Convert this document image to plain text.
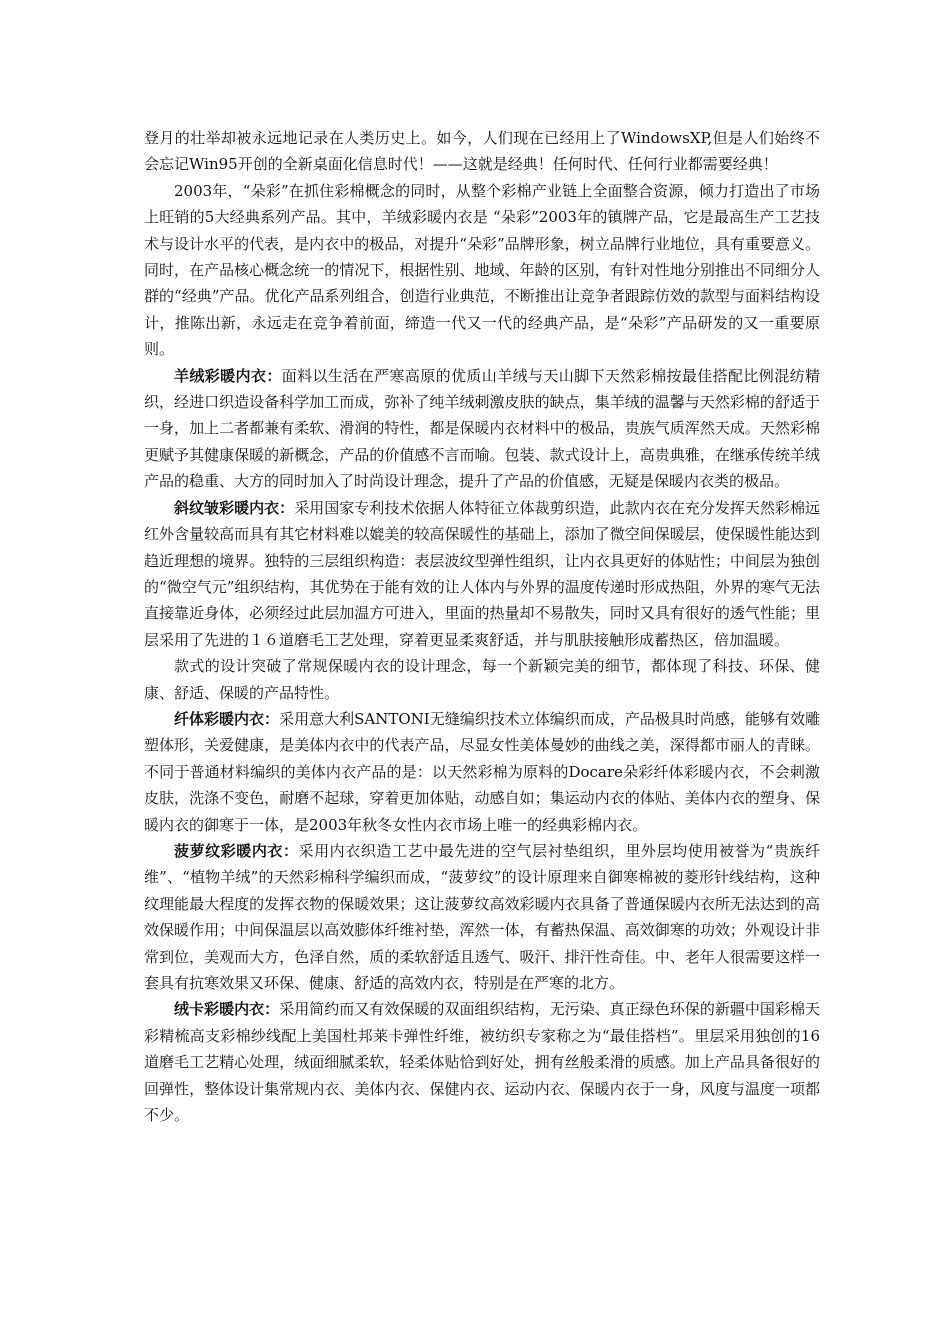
登月的壮举却被永远地记录在人类历史上。如今，人们现在已经用上了WindowsXP,但是人们始终不会忘记Win95开创的全新桌面化信息时代！——这就是经典！任何时代、任何行业都需要经典！

2003年，“朵彩”在抓住彩棉概念的同时，从整个彩棉产业链上全面整合资源，倾力打造出了市场上旺销的5大经典系列产品。其中，羊绒彩暖内衣是 “朵彩”2003年的镇牌产品，它是最高生产工艺技术与设计水平的代表，是内衣中的极品，对提升“朵彩”品牌形象，树立品牌行业地位，具有重要意义。同时，在产品核心概念统一的情况下，根据性别、地域、年龄的区别，有针对性地分别推出不同细分人群的“经典”产品。优化产品系列组合，创造行业典范，不断推出让竞争者跟踪仿效的款型与面料结构设计，推陈出新，永远走在竞争着前面，缔造一代又一代的经典产品，是“朵彩”产品研发的又一重要原则。

羊绒彩暖内衣：面料以生活在严寒高原的优质山羊绒与天山脚下天然彩棉按最佳搭配比例混纺精织，经进口织造设备科学加工而成，弥补了纯羊绒刺激皮肤的缺点，集羊绒的温馨与天然彩棉的舒适于一身，加上二者都兼有柔软、滑润的特性，都是保暖内衣材料中的极品，贵族气质浑然天成。天然彩棉更赋予其健康保暖的新概念，产品的价值感不言而喻。包装、款式设计上，高贵典雅，在继承传统羊绒产品的稳重、大方的同时加入了时尚设计理念，提升了产品的价值感，无疑是保暖内衣类的极品。

斜纹皱彩暖内衣：采用国家专利技术依据人体特征立体裁剪织造，此款内衣在充分发挥天然彩棉远红外含量较高而具有其它材料难以媲美的较高保暖性的基础上，添加了微空间保暖层，使保暖性能达到趋近理想的境界。独特的三层组织构造：表层波纹型弹性组织，让内衣具更好的体贴性；中间层为独创的“微空气元”组织结构，其优势在于能有效的让人体内与外界的温度传递时形成热阻，外界的寒气无法直接靠近身体，必须经过此层加温方可进入，里面的热量却不易散失，同时又具有很好的透气性能；里层采用了先进的１６道磨毛工艺处理，穿着更显柔爽舒适，并与肌肤接触形成蓄热区，倍加温暖。

款式的设计突破了常规保暖内衣的设计理念，每一个新颖完美的细节，都体现了科技、环保、健康、舒适、保暖的产品特性。

纤体彩暖内衣：采用意大利SANTONI无缝编织技术立体编织而成，产品极具时尚感，能够有效雕塑体形，关爱健康，是美体内衣中的代表产品，尽显女性美体曼妙的曲线之美，深得都市丽人的青睐。不同于普通材料编织的美体内衣产品的是：以天然彩棉为原料的Docare朵彩纤体彩暖内衣，不会刺激皮肤，洗涤不变色，耐磨不起球，穿着更加体贴，动感自如；集运动内衣的体贴、美体内衣的塑身、保暖内衣的御寒于一体，是2003年秋冬女性内衣市场上唯一的经典彩棉内衣。

菠萝纹彩暖内衣：采用内衣织造工艺中最先进的空气层衬垫组织，里外层均使用被誉为“贵族纤维”、“植物羊绒”的天然彩棉科学编织而成，“菠萝纹”的设计原理来自御寒棉被的菱形针线结构，这种纹理能最大程度的发挥衣物的保暖效果；这让菠萝纹高效彩暖内衣具备了普通保暖内衣所无法达到的高效保暖作用；中间保温层以高效膨体纤维衬垫，浑然一体，有蓄热保温、高效御寒的功效；外观设计非常到位，美观而大方，色泽自然，质的柔软舒适且透气、吸汗、排汗性奇佳。中、老年人很需要这样一套具有抗寒效果又环保、健康、舒适的高效内衣，特别是在严寒的北方。

绒卡彩暖内衣：采用简约而又有效保暖的双面组织结构，无污染、真正绿色环保的新疆中国彩棉天彩精梳高支彩棉纱线配上美国杜邦莱卡弹性纤维，被纺织专家称之为“最佳搭档”。里层采用独创的16道磨毛工艺精心处理，绒面细腻柔软，轻柔体贴恰到好处，拥有丝般柔滑的质感。加上产品具备很好的回弹性，整体设计集常规内衣、美体内衣、保健内衣、运动内衣、保暖内衣于一身，风度与温度一项都不少。
